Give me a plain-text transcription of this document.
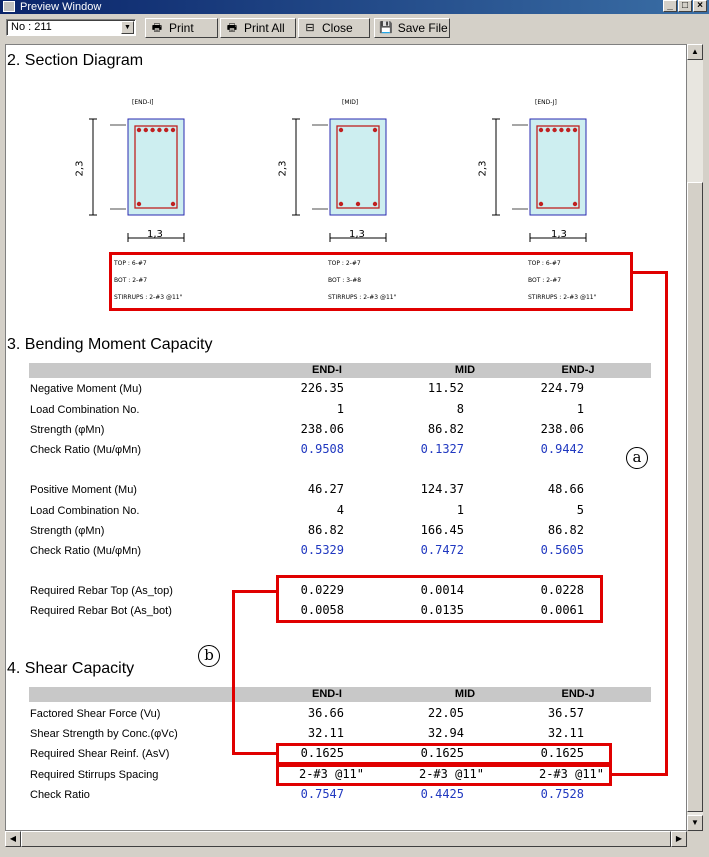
Preview Window	_ □ ×
No : 211	▼ 🖶 Print	🖶 Print All ⊟ Close 💾 Save File
2. Section Diagram
[END-I]	[MID]	[END-J]
2,3	2,3	2,3
1,3	1,3	1,3
TOP : 6-#7
BOT : 2-#7
STIRRUPS : 2-#3 @11"
TOP : 2-#7
BOT : 3-#8
STIRRUPS : 2-#3 @11"
TOP : 6-#7
BOT : 2-#7
STIRRUPS : 2-#3 @11"
3. Bending Moment Capacity
END-I	MID	END-J
4. Shear Capacity
END-I	MID	END-J
a
b
Negative Moment (Mu)	226.35	11.52	224.79
Load Combination No.	1	8	1
Strength (φMn)	238.06	86.82	238.06
Check Ratio (Mu/φMn)	0.9508	0.1327	0.9442
Positive Moment (Mu)	46.27	124.37	48.66
Load Combination No.	4	1	5
Strength (φMn)	86.82	166.45	86.82
Check Ratio (Mu/φMn)	0.5329	0.7472	0.5605
Required Rebar Top (As_top)	0.0229	0.0014	0.0228
Required Rebar Bot (As_bot)	0.0058	0.0135	0.0061
Factored Shear Force (Vu)	36.66	22.05	36.57
Shear Strength by Conc.(φVc)	32.11	32.94	32.11
Required Shear Reinf. (AsV)	0.1625	0.1625	0.1625
Required Stirrups Spacing	2-#3 @11"	2-#3 @11"	2-#3 @11"
Check Ratio	0.7547	0.4425	0.7528
▲
▼
◀	▶
